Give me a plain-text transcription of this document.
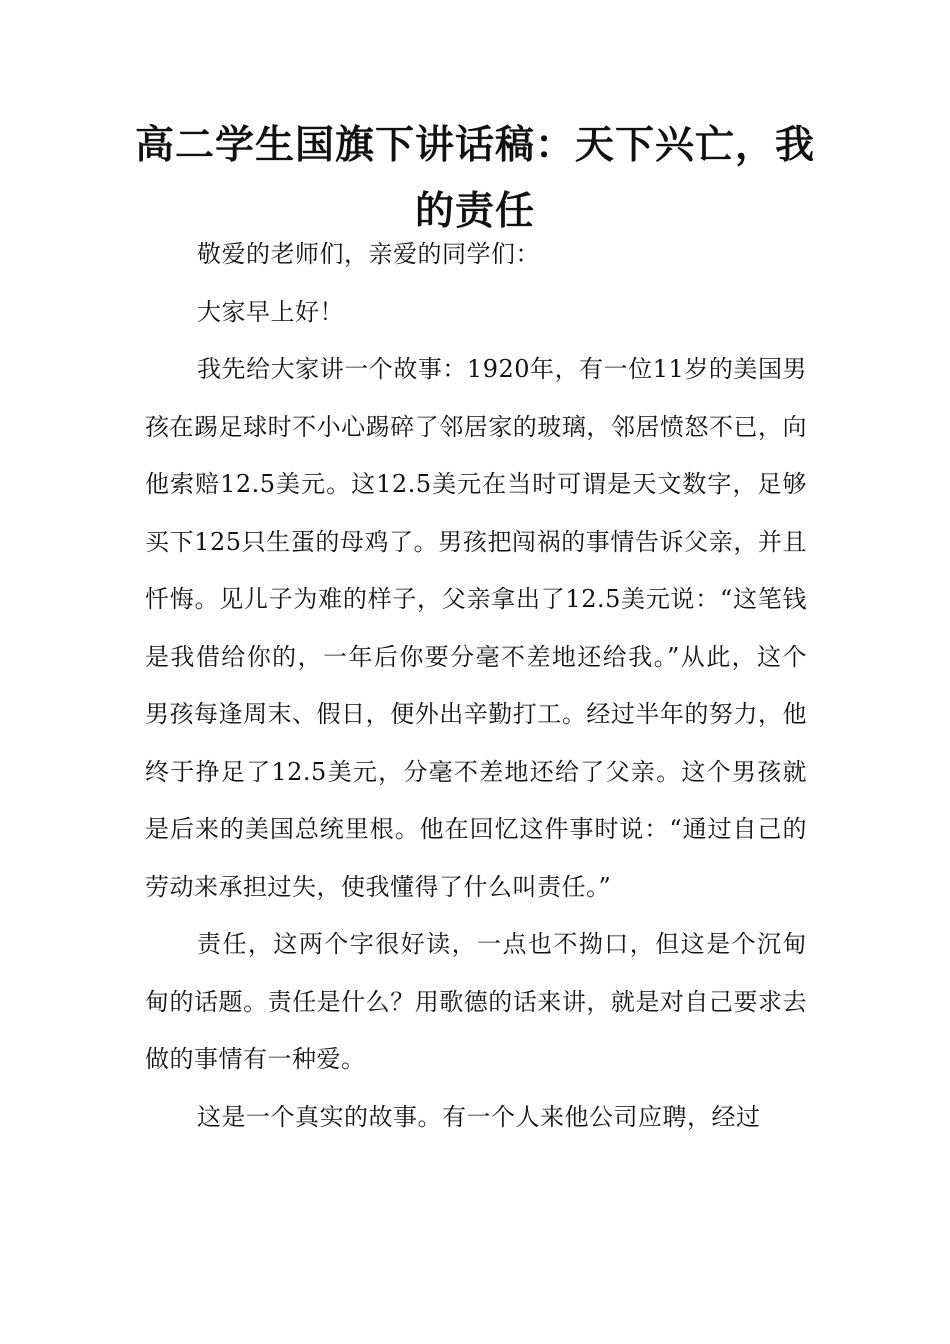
高二学生国旗下讲话稿：天下兴亡，我的责任

敬爱的老师们，亲爱的同学们：

大家早上好！

我先给大家讲一个故事：1920年，有一位11岁的美国男孩在踢足球时不小心踢碎了邻居家的玻璃，邻居愤怒不已，向他索赔12.5美元。这12.5美元在当时可谓是天文数字，足够买下125只生蛋的母鸡了。男孩把闯祸的事情告诉父亲，并且忏悔。见儿子为难的样子，父亲拿出了12.5美元说：“这笔钱是我借给你的，一年后你要分毫不差地还给我。”从此，这个男孩每逢周末、假日，便外出辛勤打工。经过半年的努力，他终于挣足了12.5美元，分毫不差地还给了父亲。这个男孩就是后来的美国总统里根。他在回忆这件事时说：“通过自己的劳动来承担过失，使我懂得了什么叫责任。”

责任，这两个字很好读，一点也不拗口，但这是个沉甸甸的话题。责任是什么？用歌德的话来讲，就是对自己要求去做的事情有一种爱。

这是一个真实的故事。有一个人来他公司应聘，经过
